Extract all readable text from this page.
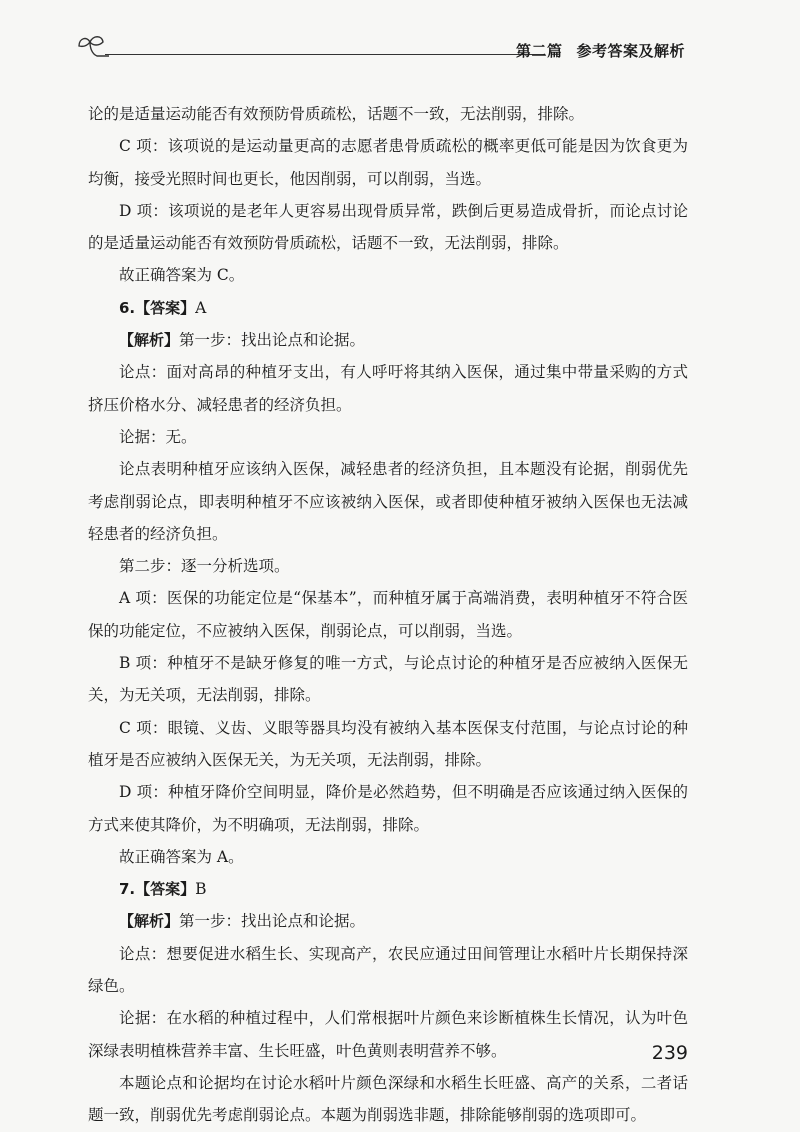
第二篇 参考答案及解析

论的是适量运动能否有效预防骨质疏松，话题不一致，无法削弱，排除。

C 项：该项说的是运动量更高的志愿者患骨质疏松的概率更低可能是因为饮食更为均衡，接受光照时间也更长，他因削弱，可以削弱，当选。

D 项：该项说的是老年人更容易出现骨质异常，跌倒后更易造成骨折，而论点讨论的是适量运动能否有效预防骨质疏松，话题不一致，无法削弱，排除。

故正确答案为 C。

6.【答案】A

【解析】第一步：找出论点和论据。

论点：面对高昂的种植牙支出，有人呼吁将其纳入医保，通过集中带量采购的方式挤压价格水分、减轻患者的经济负担。

论据：无。

论点表明种植牙应该纳入医保，减轻患者的经济负担，且本题没有论据，削弱优先考虑削弱论点，即表明种植牙不应该被纳入医保，或者即使种植牙被纳入医保也无法减轻患者的经济负担。

第二步：逐一分析选项。

A 项：医保的功能定位是“保基本”，而种植牙属于高端消费，表明种植牙不符合医保的功能定位，不应被纳入医保，削弱论点，可以削弱，当选。

B 项：种植牙不是缺牙修复的唯一方式，与论点讨论的种植牙是否应被纳入医保无关，为无关项，无法削弱，排除。

C 项：眼镜、义齿、义眼等器具均没有被纳入基本医保支付范围，与论点讨论的种植牙是否应被纳入医保无关，为无关项，无法削弱，排除。

D 项：种植牙降价空间明显，降价是必然趋势，但不明确是否应该通过纳入医保的方式来使其降价，为不明确项，无法削弱，排除。

故正确答案为 A。

7.【答案】B

【解析】第一步：找出论点和论据。

论点：想要促进水稻生长、实现高产，农民应通过田间管理让水稻叶片长期保持深绿色。

论据：在水稻的种植过程中，人们常根据叶片颜色来诊断植株生长情况，认为叶色深绿表明植株营养丰富、生长旺盛，叶色黄则表明营养不够。

本题论点和论据均在讨论水稻叶片颜色深绿和水稻生长旺盛、高产的关系，二者话题一致，削弱优先考虑削弱论点。本题为削弱选非题，排除能够削弱的选项即可。

239
